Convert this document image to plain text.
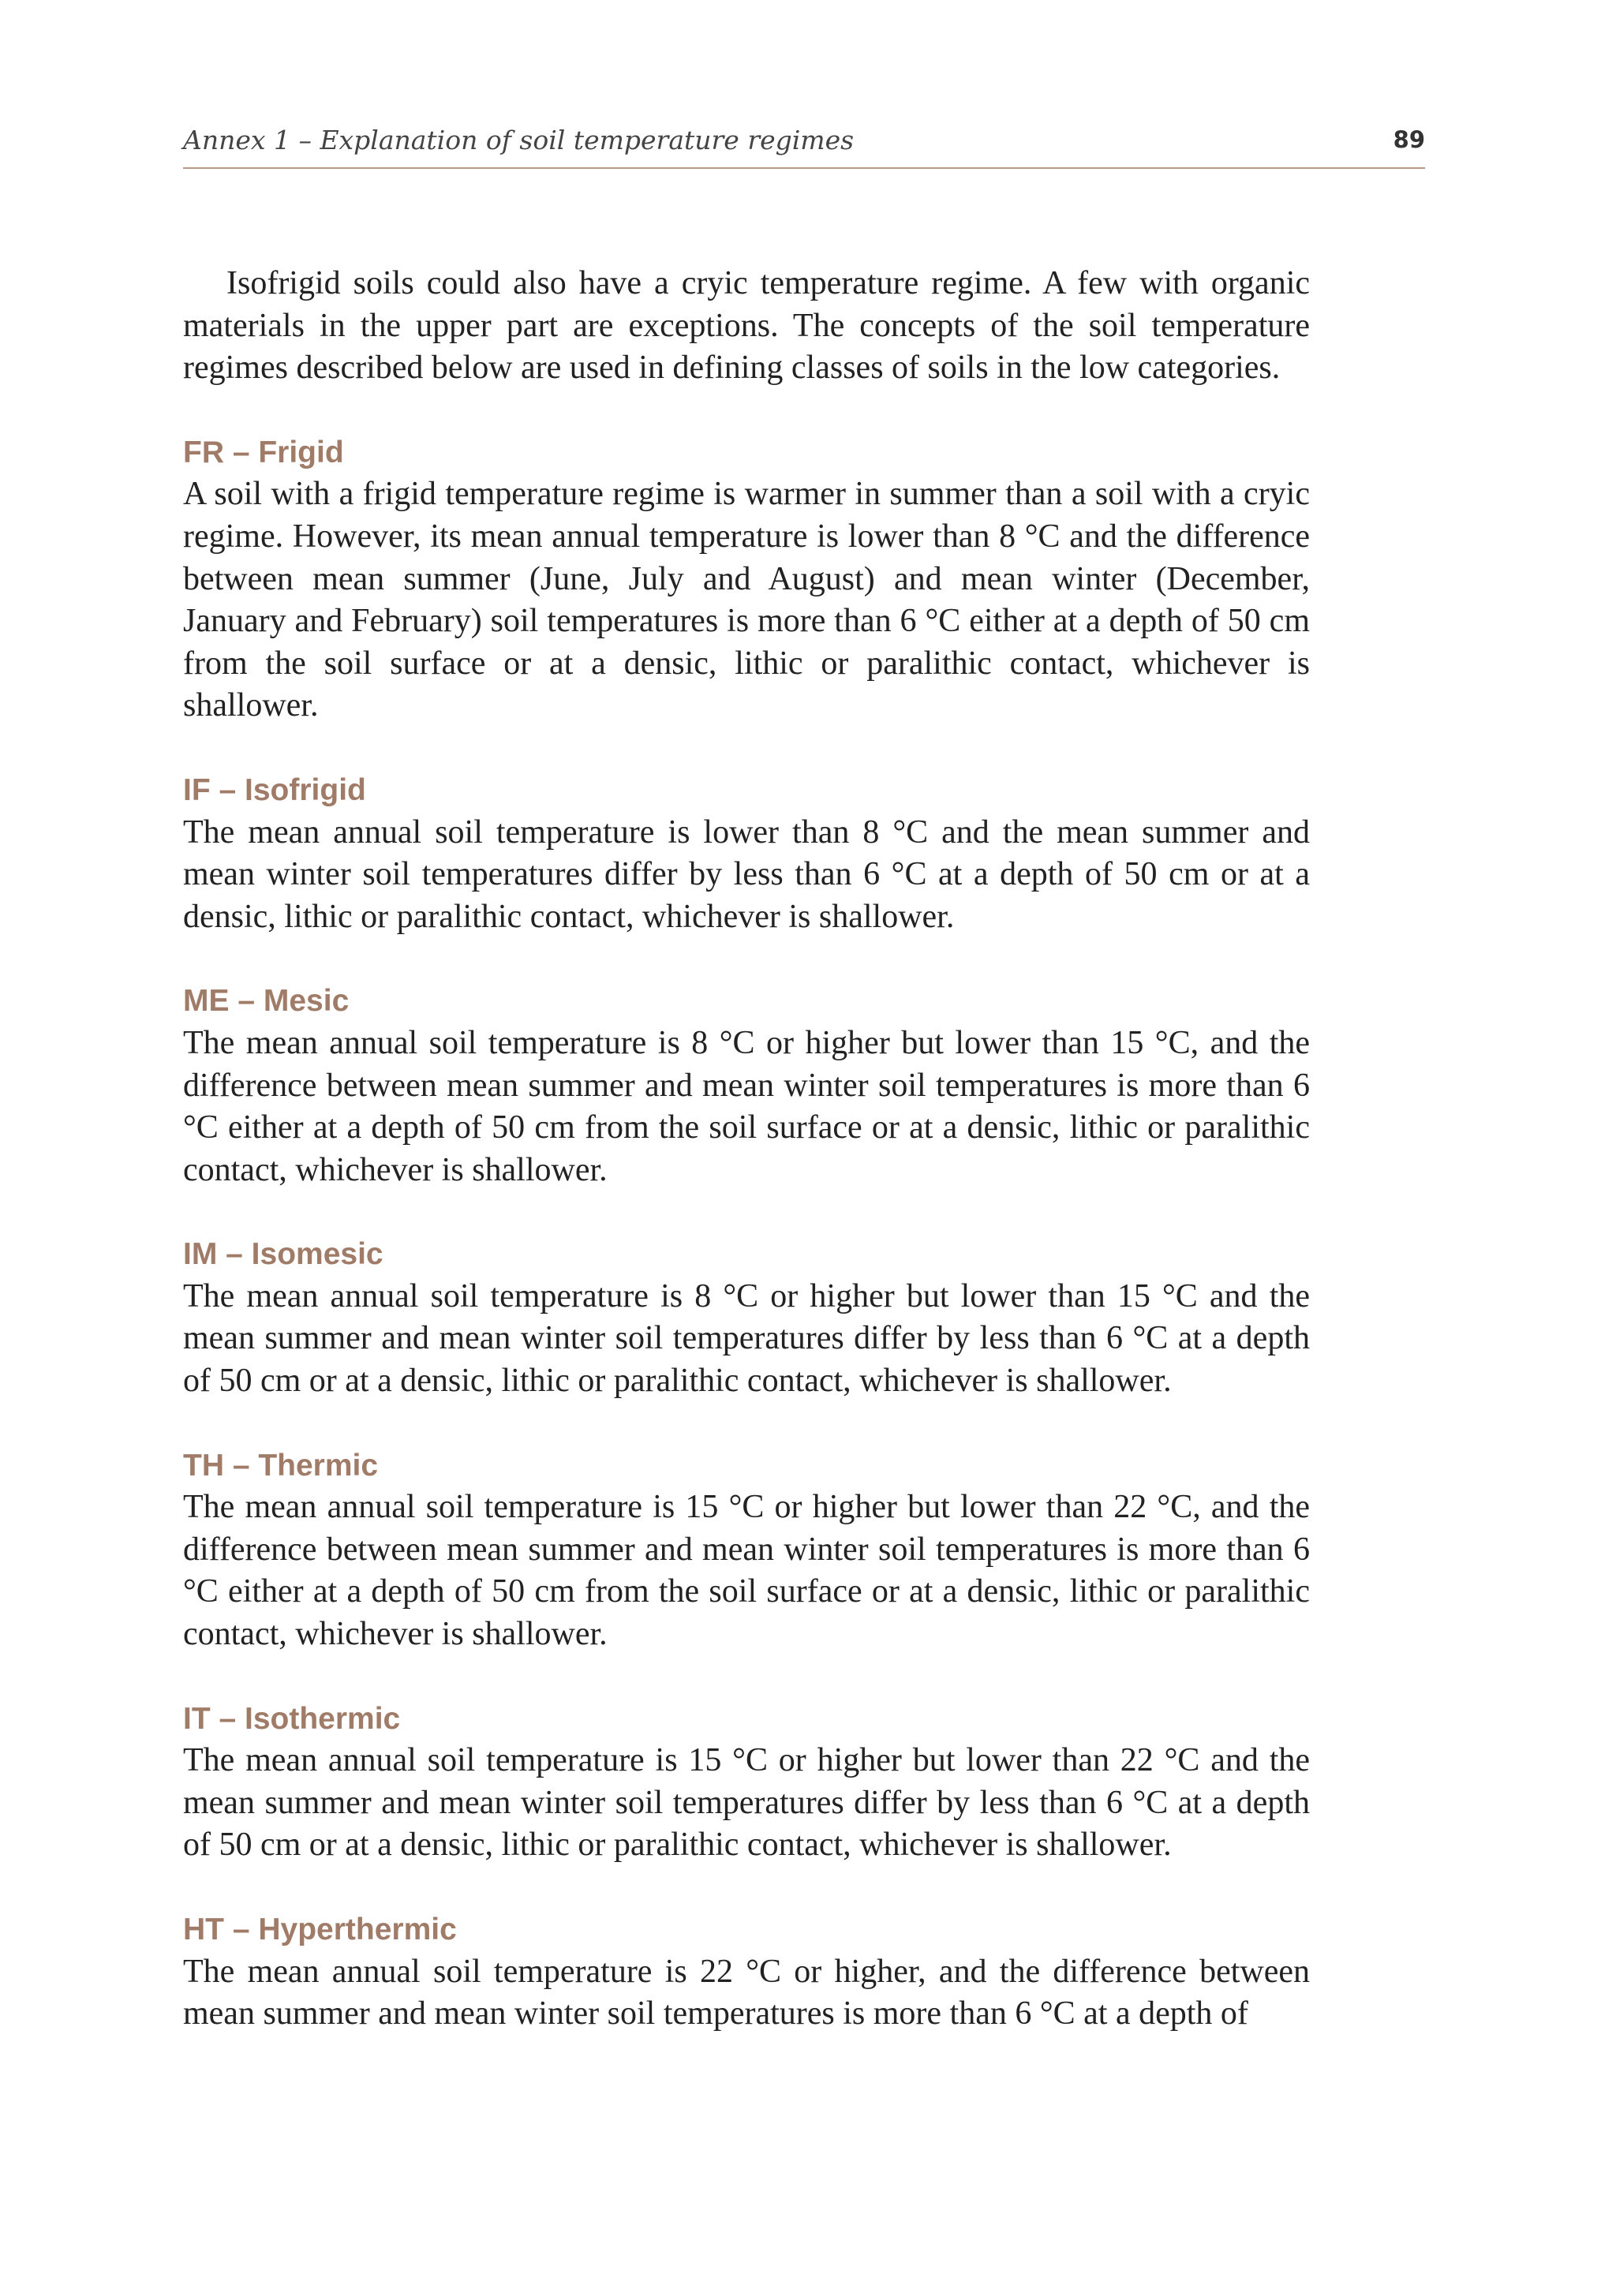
Annex 1 – Explanation of soil temperature regimes	89

Isofrigid soils could also have a cryic temperature regime. A few with organic materials in the upper part are exceptions. The concepts of the soil temperature regimes described below are used in defining classes of soils in the low categories.

FR – Frigid

A soil with a frigid temperature regime is warmer in summer than a soil with a cryic regime. However, its mean annual temperature is lower than 8 °C and the difference between mean summer (June, July and August) and mean winter (December, January and February) soil temperatures is more than 6 °C either at a depth of 50 cm from the soil surface or at a densic, lithic or paralithic contact, whichever is shallower.

IF – Isofrigid

The mean annual soil temperature is lower than 8 °C and the mean summer and mean winter soil temperatures differ by less than 6 °C at a depth of 50 cm or at a densic, lithic or paralithic contact, whichever is shallower.

ME – Mesic

The mean annual soil temperature is 8 °C or higher but lower than 15 °C, and the difference between mean summer and mean winter soil temperatures is more than 6 °C either at a depth of 50 cm from the soil surface or at a densic, lithic or paralithic contact, whichever is shallower.

IM – Isomesic

The mean annual soil temperature is 8 °C or higher but lower than 15 °C and the mean summer and mean winter soil temperatures differ by less than 6 °C at a depth of 50 cm or at a densic, lithic or paralithic contact, whichever is shallower.

TH – Thermic

The mean annual soil temperature is 15 °C or higher but lower than 22 °C, and the difference between mean summer and mean winter soil temperatures is more than 6 °C either at a depth of 50 cm from the soil surface or at a densic, lithic or paralithic contact, whichever is shallower.

IT – Isothermic

The mean annual soil temperature is 15 °C or higher but lower than 22 °C and the mean summer and mean winter soil temperatures differ by less than 6 °C at a depth of 50 cm or at a densic, lithic or paralithic contact, whichever is shallower.

HT – Hyperthermic

The mean annual soil temperature is 22 °C or higher, and the difference between mean summer and mean winter soil temperatures is more than 6 °C at a depth of
